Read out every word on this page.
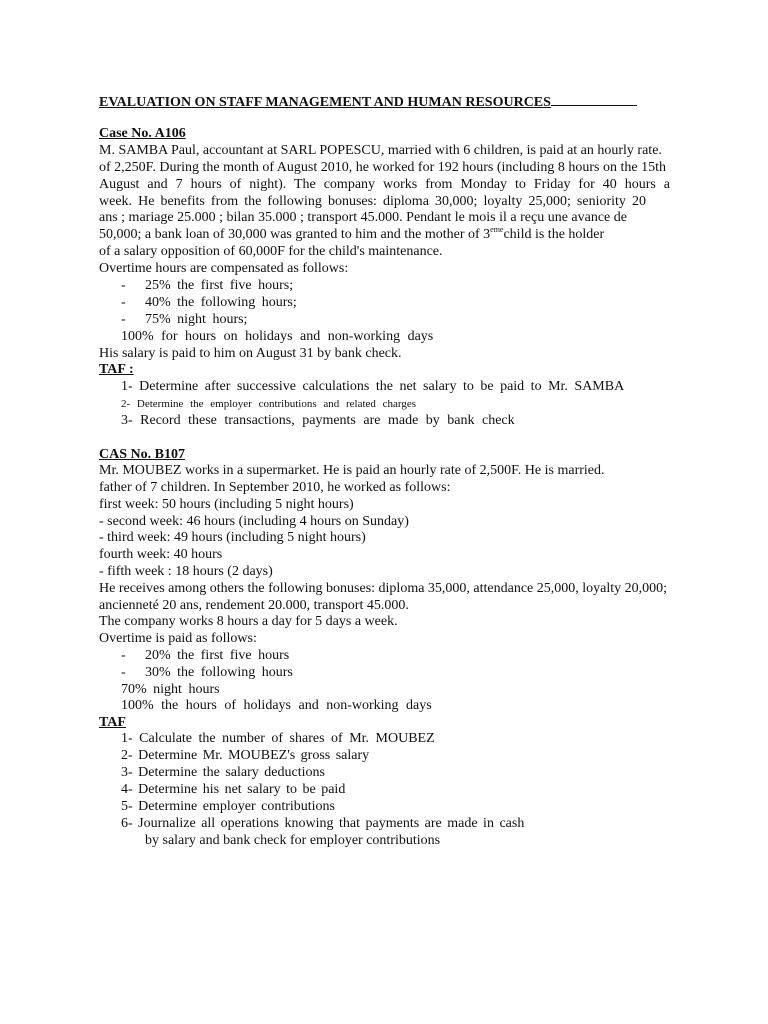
EVALUATION ON STAFF MANAGEMENT AND HUMAN RESOURCES
Case No. A106
M. SAMBA Paul, accountant at SARL POPESCU, married with 6 children, is paid at an hourly rate.
of 2,250F. During the month of August 2010, he worked for 192 hours (including 8 hours on the 15th
August and 7 hours of night). The company works from Monday to Friday for 40 hours a
week. He benefits from the following bonuses: diploma 30,000; loyalty 25,000; seniority 20
ans ; mariage 25.000 ; bilan 35.000 ; transport 45.000. Pendant le mois il a reçu une avance de
50,000; a bank loan of 30,000 was granted to him and the mother of 3emechild is the holder
of a salary opposition of 60,000F for the child's maintenance.
Overtime hours are compensated as follows:
- 25% the first five hours;
- 40% the following hours;
- 75% night hours;
100% for hours on holidays and non-working days
His salary is paid to him on August 31 by bank check.
TAF :
1- Determine after successive calculations the net salary to be paid to Mr. SAMBA
2- Determine the employer contributions and related charges
3- Record these transactions, payments are made by bank check
CAS No. B107
Mr. MOUBEZ works in a supermarket. He is paid an hourly rate of 2,500F. He is married.
father of 7 children. In September 2010, he worked as follows:
first week: 50 hours (including 5 night hours)
- second week: 46 hours (including 4 hours on Sunday)
- third week: 49 hours (including 5 night hours)
fourth week: 40 hours
- fifth week : 18 hours (2 days)
He receives among others the following bonuses: diploma 35,000, attendance 25,000, loyalty 20,000;
ancienneté 20 ans, rendement 20.000, transport 45.000.
The company works 8 hours a day for 5 days a week.
Overtime is paid as follows:
- 20% the first five hours
- 30% the following hours
70% night hours
100% the hours of holidays and non-working days
TAF
1- Calculate the number of shares of Mr. MOUBEZ
2- Determine Mr. MOUBEZ's gross salary
3- Determine the salary deductions
4- Determine his net salary to be paid
5- Determine employer contributions
6- Journalize all operations knowing that payments are made in cash
by salary and bank check for employer contributions
